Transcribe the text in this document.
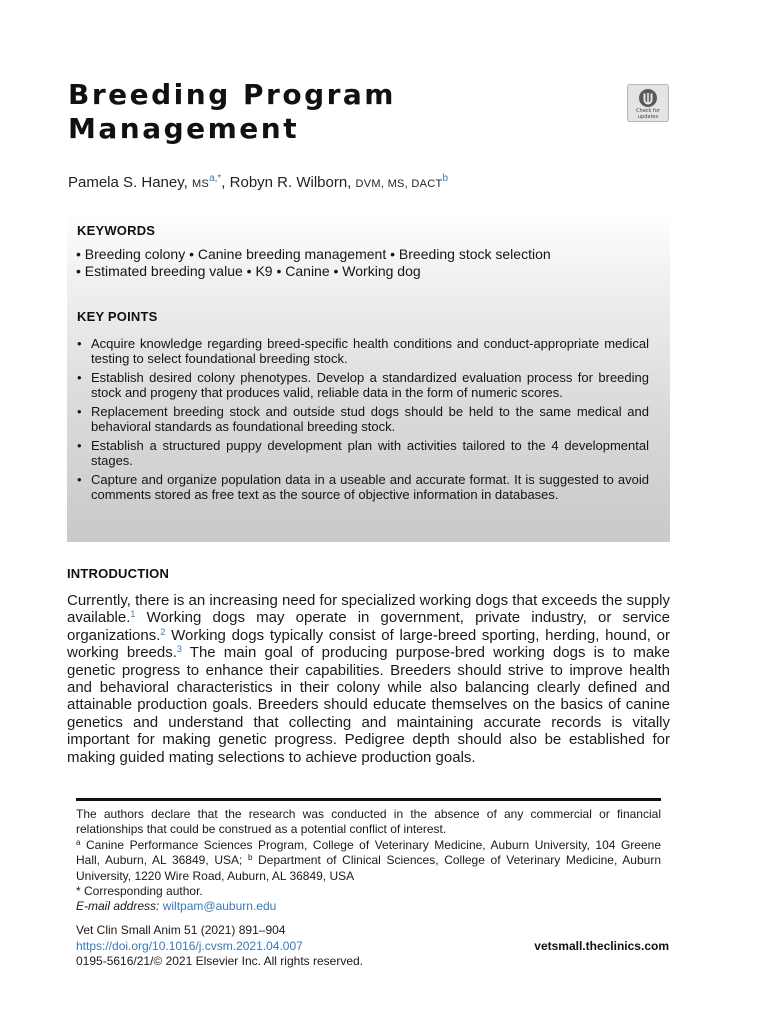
Breeding Program
Management
Check for
updates
Pamela S. Haney, $MS^{a,*}$, Robyn R. Wilborn, DVM, MS, DACT$^b$
KEYWORDS
• Breeding colony • Canine breeding management • Breeding stock selection
• Estimated breeding value • K9 • Canine • Working dog
KEY POINTS
• Acquire knowledge regarding breed-specific health conditions and conduct-appropriate medical testing to select foundational breeding stock.
• Establish desired colony phenotypes. Develop a standardized evaluation process for breeding stock and progeny that produces valid, reliable data in the form of numeric scores.
• Replacement breeding stock and outside stud dogs should be held to the same medical and behavioral standards as foundational breeding stock.
• Establish a structured puppy development plan with activities tailored to the 4 developmental stages.
• Capture and organize population data in a useable and accurate format. It is suggested to avoid comments stored as free text as the source of objective information in databases.
INTRODUCTION

Currently, there is an increasing need for specialized working dogs that exceeds the supply available.$^1$ Working dogs may operate in government, private industry, or service organizations.$^2$ Working dogs typically consist of large-breed sporting, herding, hound, or working breeds.$^3$ The main goal of producing purpose-bred working dogs is to make genetic progress to enhance their capabilities. Breeders should strive to improve health and behavioral characteristics in their colony while also balancing clearly defined and attainable production goals. Breeders should educate themselves on the basics of canine genetics and understand that collecting and maintaining accurate records is vitally important for making genetic progress. Pedigree depth should also be established for making guided mating selections to achieve production goals.

The authors declare that the research was conducted in the absence of any commercial or financial relationships that could be construed as a potential conflict of interest.

$^a$ Canine Performance Sciences Program, College of Veterinary Medicine, Auburn University, 104 Greene Hall, Auburn, AL 36849, USA; $^b$ Department of Clinical Sciences, College of Veterinary Medicine, Auburn University, 1220 Wire Road, Auburn, AL 36849, USA

* Corresponding author.

E-mail address: wiltpam@auburn.edu

Vet Clin Small Anim 51 (2021) 891–904
https://doi.org/10.1016/j.cvsm.2021.04.007
0195-5616/21/© 2021 Elsevier Inc. All rights reserved.
vetsmall.theclinics.com
